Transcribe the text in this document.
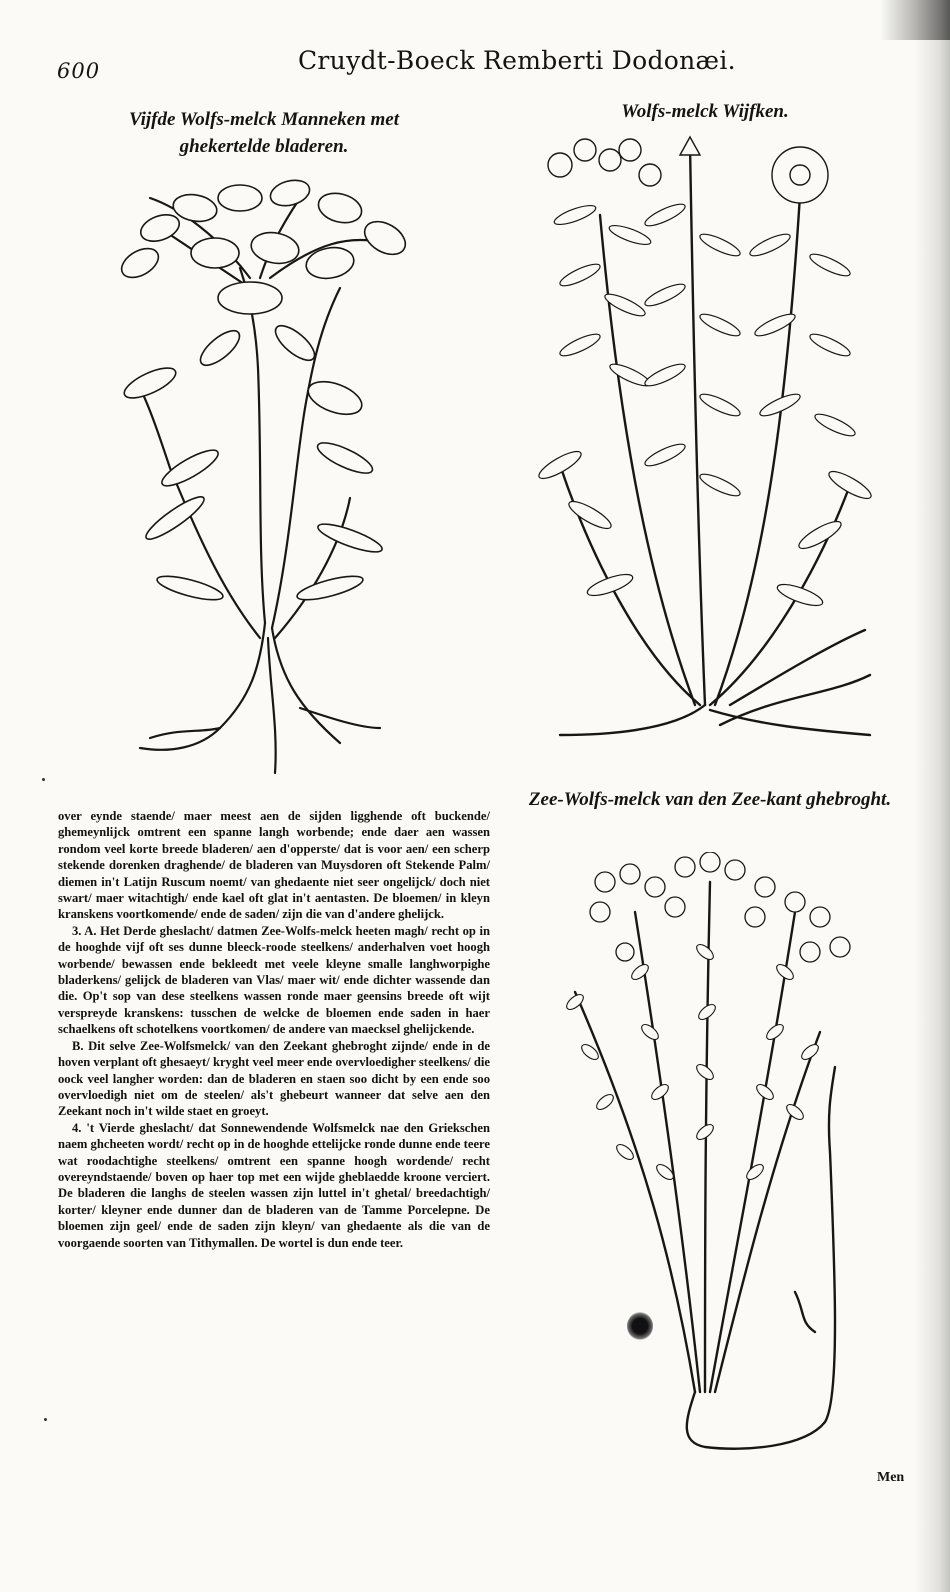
600	Cruydt-Boeck Remberti Dodonæi.
Vijfde Wolfs-melck Manneken met ghekertelde bladeren.
Wolfs-melck Wijfken.
Zee-Wolfs-melck van den Zee-kant ghebroght.

over eynde staende/ maer meest aen de sijden ligghende oft buckende/ ghemeynlijck omtrent een spanne langh worbende; ende daer aen wassen rondom veel korte breede bladeren/ aen d'opperste/ dat is voor aen/ een scherp stekende dorenken draghende/ de bladeren van Muysdoren oft Stekende Palm/ diemen in't Latijn Ruscum noemt/ van ghedaente niet seer ongelijck/ doch niet swart/ maer witachtigh/ ende kael oft glat in't aentasten. De bloemen/ in kleyn kranskens voortkomende/ ende de saden/ zijn die van d'andere ghelijck.

3. A. Het Derde gheslacht/ datmen Zee-Wolfs-melck heeten magh/ recht op in de hooghde vijf oft ses dunne bleeck-roode steelkens/ anderhalven voet hoogh worbende/ bewassen ende bekleedt met veele kleyne smalle langhworpighe bladerkens/ gelijck de bladeren van Vlas/ maer wit/ ende dichter wassende dan die. Op't sop van dese steelkens wassen ronde maer geensins breede oft wijt verspreyde kranskens: tusschen de welcke de bloemen ende saden in haer schaelkens oft schotelkens voortkomen/ de andere van maecksel ghelijckende.

B. Dit selve Zee-Wolfsmelck/ van den Zeekant ghebroght zijnde/ ende in de hoven verplant oft ghesaeyt/ kryght veel meer ende overvloedigher steelkens/ die oock veel langher worden: dan de bladeren en staen soo dicht by een ende soo overvloedigh niet om de steelen/ als't ghebeurt wanneer dat selve aen den Zeekant noch in't wilde staet en groeyt.

4. 't Vierde gheslacht/ dat Sonnewendende Wolfsmelck nae den Griekschen naem ghcheeten wordt/ recht op in de hooghde ettelijcke ronde dunne ende teere wat roodachtighe steelkens/ omtrent een spanne hoogh wordende/ recht overeyndstaende/ boven op haer top met een wijde gheblaedde kroone verciert. De bladeren die langhs de steelen wassen zijn luttel in't ghetal/ breedachtigh/ korter/ kleyner ende dunner dan de bladeren van de Tamme Porcelepne. De bloemen zijn geel/ ende de saden zijn kleyn/ van ghedaente als die van de voorgaende soorten van Tithymallen. De wortel is dun ende teer.

Men
